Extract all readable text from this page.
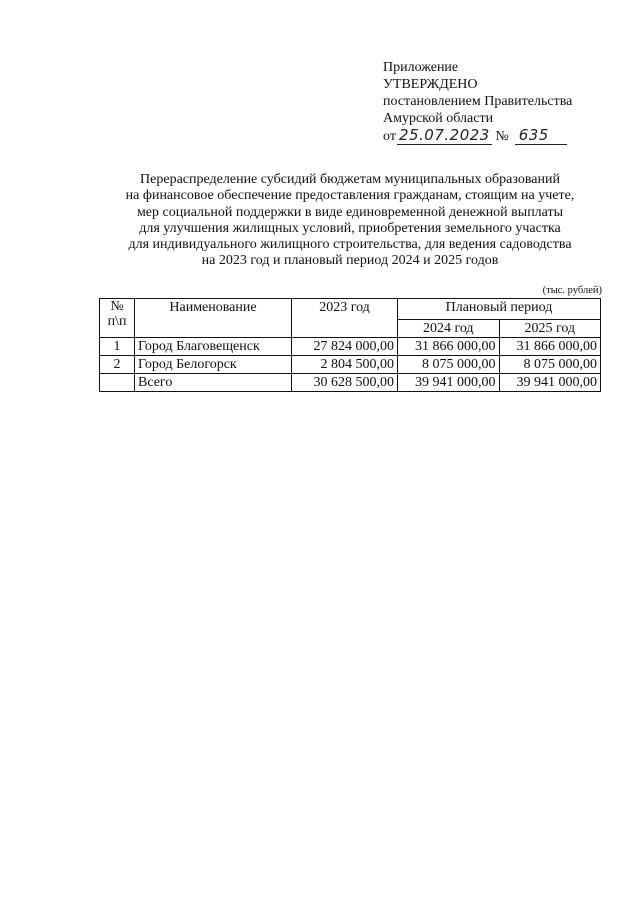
Приложение
УТВЕРЖДЕНО
постановлением Правительства
Амурской области
от 25.07.2023 № 635
Перераспределение субсидий бюджетам муниципальных образований
на финансовое обеспечение предоставления гражданам, стоящим на учете,
мер социальной поддержки в виде единовременной денежной выплаты
для улучшения жилищных условий, приобретения земельного участка
для индивидуального жилищного строительства, для ведения садоводства
на 2023 год и плановый период 2024 и 2025 годов
(тыс. рублей)
№
п\п	Наименование	2023 год	Плановый период	
			2024 год	2025 год
1	Город Благовещенск	27 824 000,00	31 866 000,00	31 866 000,00
2	Город Белогорск	2 804 500,00	8 075 000,00	8 075 000,00
	Всего	30 628 500,00	39 941 000,00	39 941 000,00
